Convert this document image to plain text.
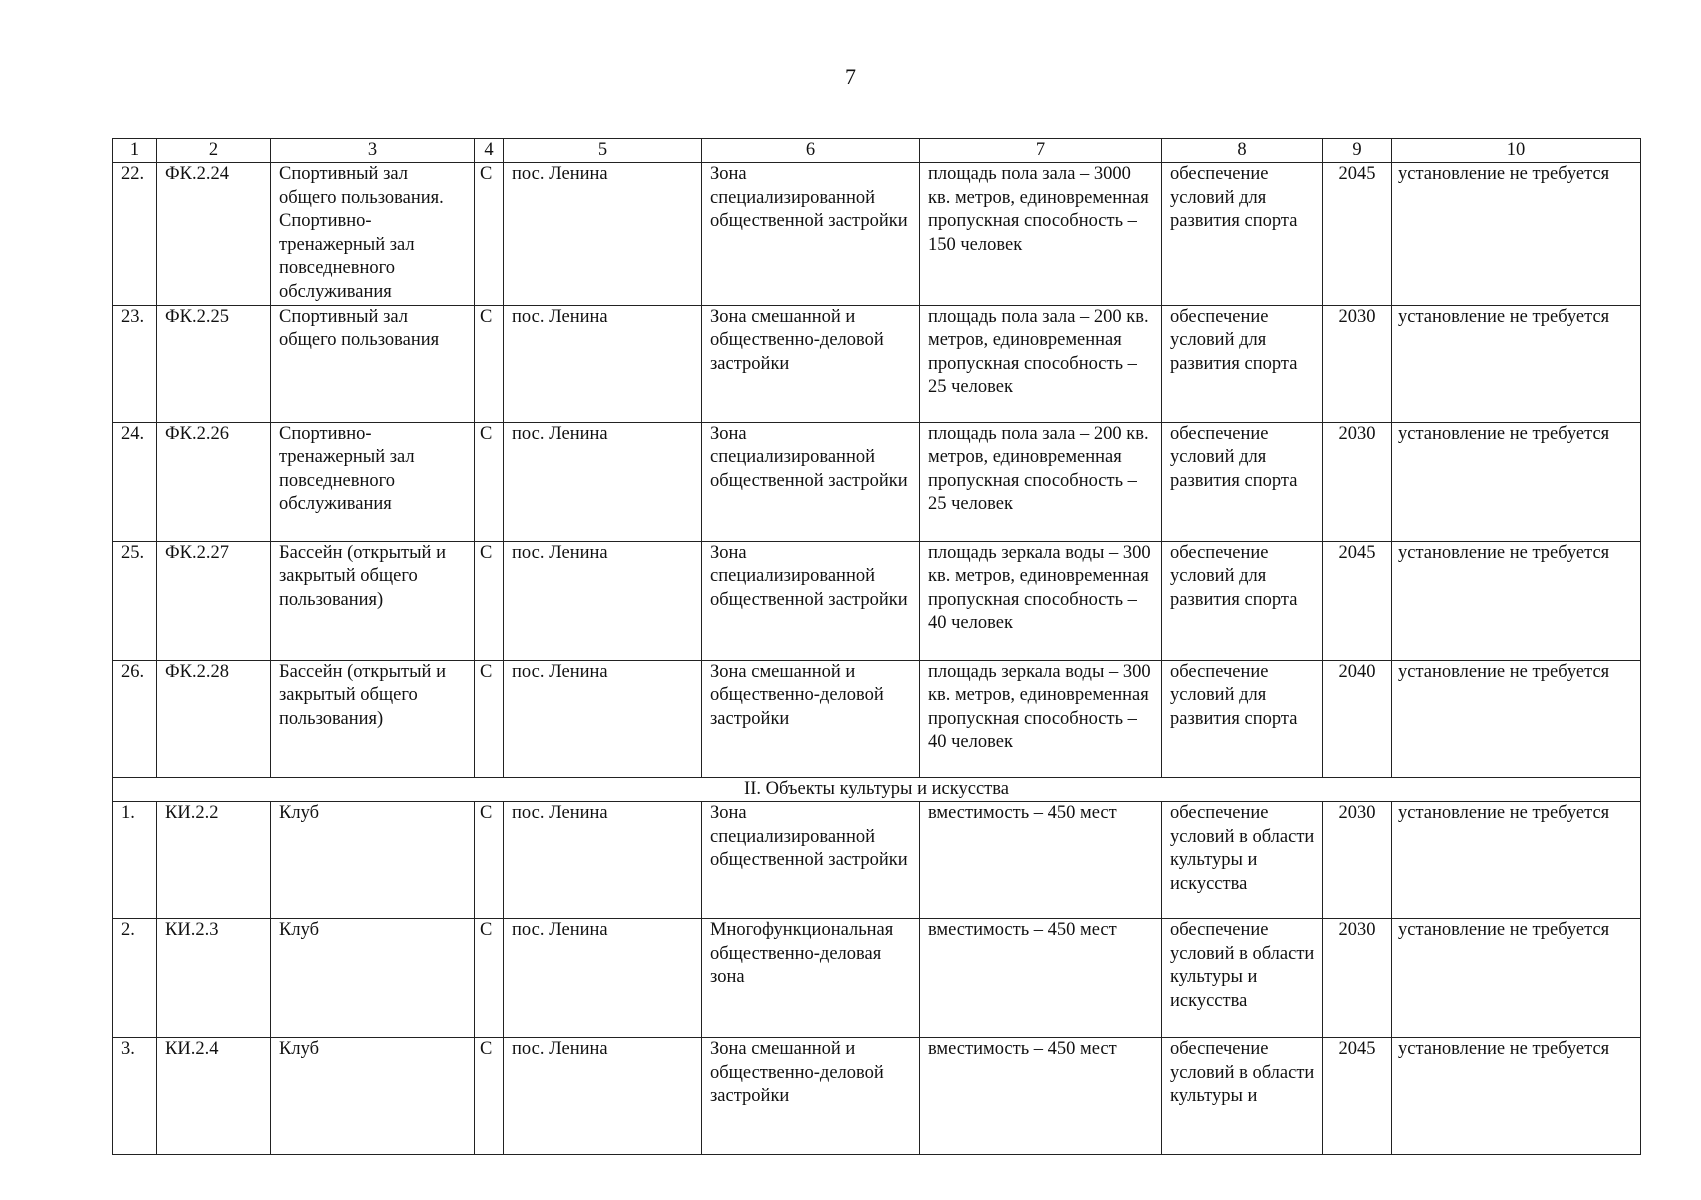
7
1	2	3	4	5	6	7	8	9	10
22.	ФК.2.24	Спортивный зал общего пользования. Спортивно-тренажерный зал повседневного обслуживания	С	пос. Ленина	Зона специализированной общественной застройки	площадь пола зала – 3000 кв. метров, единовременная пропускная способность – 150 человек	обеспечение условий для развития спорта	2045	установление не требуется
23.	ФК.2.25	Спортивный зал общего пользования	С	пос. Ленина	Зона смешанной и общественно-деловой застройки	площадь пола зала – 200 кв. метров, единовременная пропускная способность – 25 человек	обеспечение условий для развития спорта	2030	установление не требуется
24.	ФК.2.26	Спортивно-тренажерный зал повседневного обслуживания	С	пос. Ленина	Зона специализированной общественной застройки	площадь пола зала – 200 кв. метров, единовременная пропускная способность – 25 человек	обеспечение условий для развития спорта	2030	установление не требуется
25.	ФК.2.27	Бассейн (открытый и закрытый общего пользования)	С	пос. Ленина	Зона специализированной общественной застройки	площадь зеркала воды – 300 кв. метров, единовременная пропускная способность – 40 человек	обеспечение условий для развития спорта	2045	установление не требуется
26.	ФК.2.28	Бассейн (открытый и закрытый общего пользования)	С	пос. Ленина	Зона смешанной и общественно-деловой застройки	площадь зеркала воды – 300 кв. метров, единовременная пропускная способность – 40 человек	обеспечение условий для развития спорта	2040	установление не требуется
II. Объекты культуры и искусства									
1.	КИ.2.2	Клуб	С	пос. Ленина	Зона специализированной общественной застройки	вместимость – 450 мест	обеспечение условий в области культуры и искусства	2030	установление не требуется
2.	КИ.2.3	Клуб	С	пос. Ленина	Многофункциональная общественно-деловая зона	вместимость – 450 мест	обеспечение условий в области культуры и искусства	2030	установление не требуется
3.	КИ.2.4	Клуб	С	пос. Ленина	Зона смешанной и общественно-деловой застройки	вместимость – 450 мест	обеспечение условий в области культуры и	2045	установление не требуется
